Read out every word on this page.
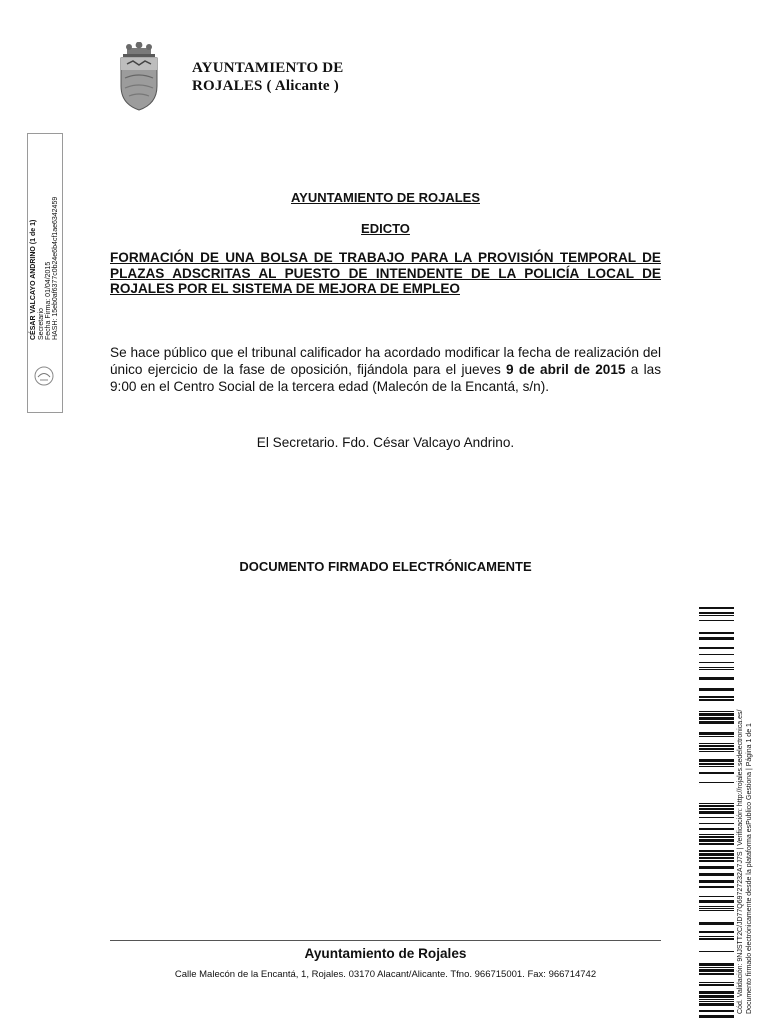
AYUNTAMIENTO DE
ROJALES ( Alicante )
CÉSAR VALCAYO ANDRINO (1 de 1) Secretario Fecha Firma: 01/04/2015 HASH: 15eb0af6377c0b24e6b4cf1ae6342459	AYUNTAMIENTO DE ROJALES
EDICTO
FORMACIÓN DE UNA BOLSA DE TRABAJO PARA LA PROVISIÓN TEMPORAL DE PLAZAS ADSCRITAS AL PUESTO DE INTENDENTE DE LA POLICÍA LOCAL DE ROJALES POR EL SISTEMA DE MEJORA DE EMPLEO
Se hace público que el tribunal calificador ha acordado modificar la fecha de realización del único ejercicio de la fase de oposición, fijándola para el jueves 9 de abril de 2015 a las 9:00 en el Centro Social de la tercera edad (Malecón de la Encantá, s/n).
El Secretario. Fdo. César Valcayo Andrino.
DOCUMENTO FIRMADO ELECTRÓNICAMENTE
Ayuntamiento de Rojales
Calle Malecón de la Encantá, 1, Rojales. 03170 Alacant/Alicante. Tfno. 966715001. Fax: 966714742	Cód. Validación: 9NJSTT2C/JD77Q69727232A7J7S | Verificación: http://rojales.sedelectronica.es/ Documento firmado electrónicamente desde la plataforma esPublico Gestiona | Página 1 de 1
